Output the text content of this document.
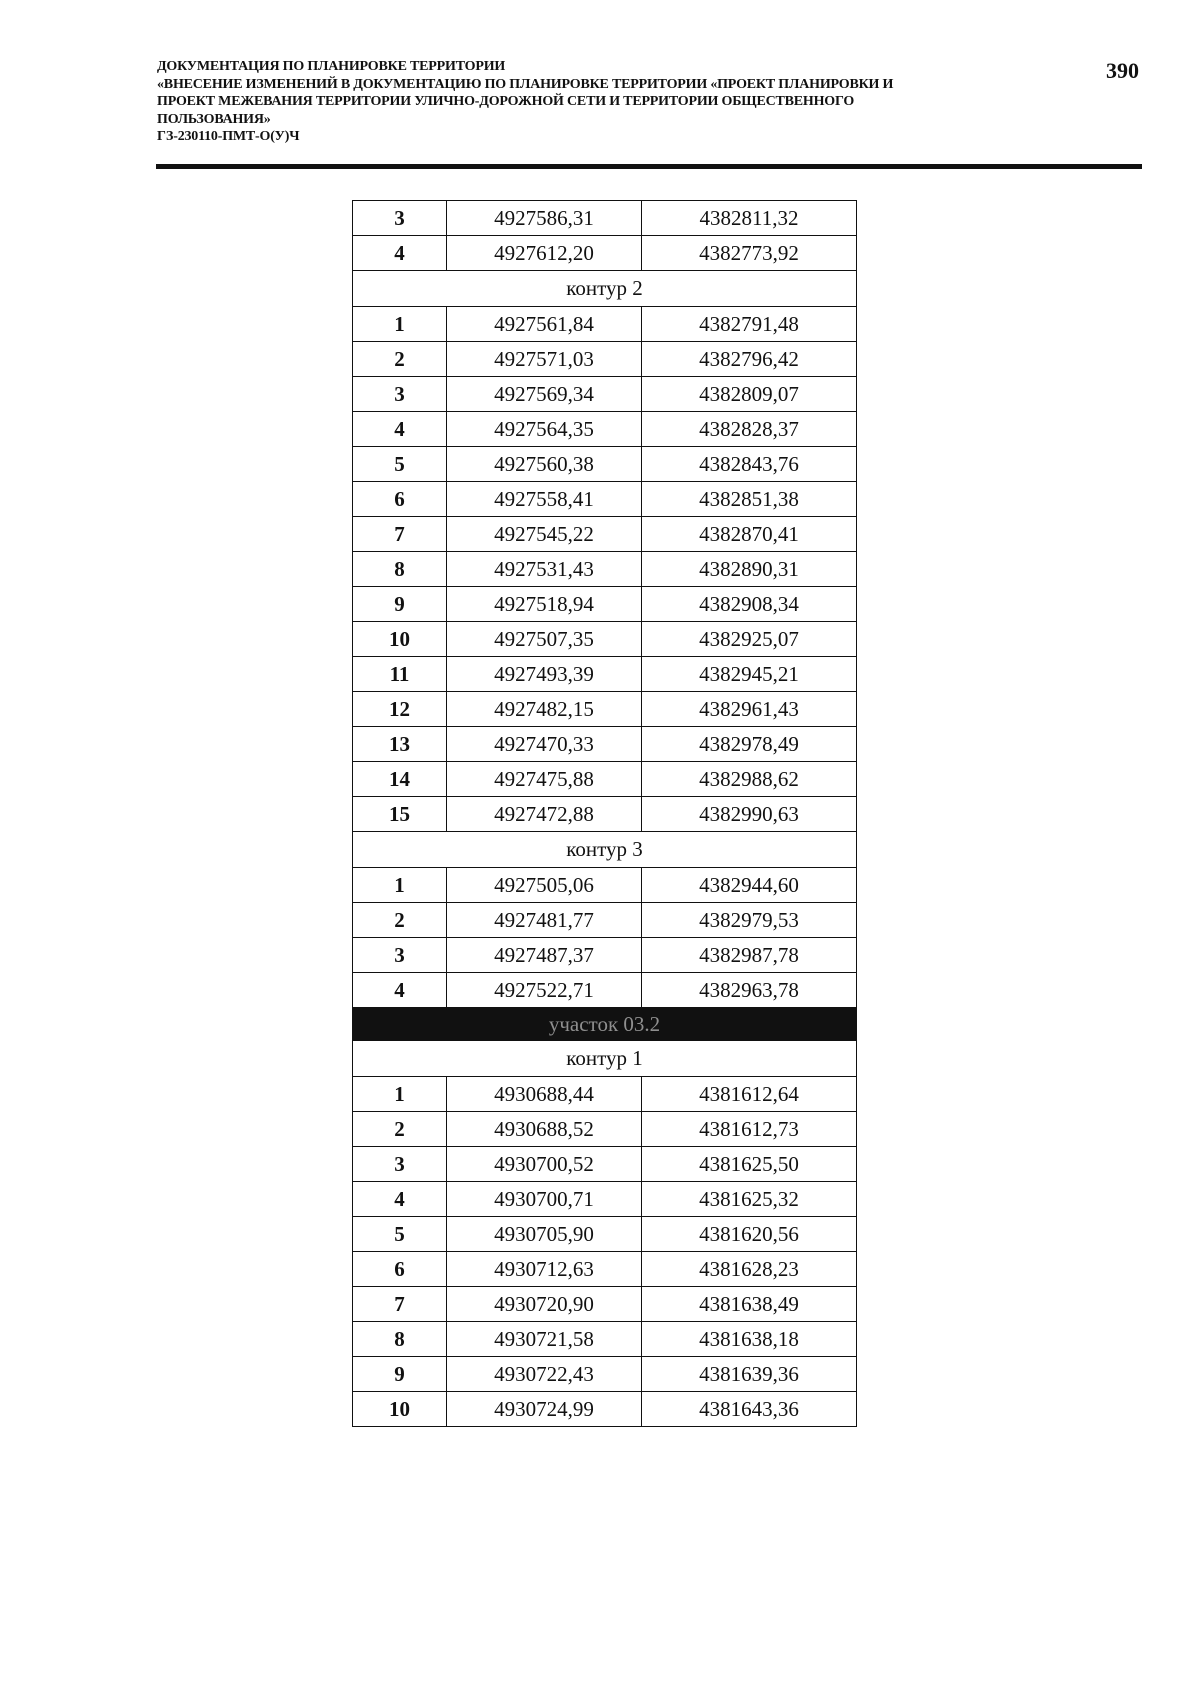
ДОКУМЕНТАЦИЯ ПО ПЛАНИРОВКЕ ТЕРРИТОРИИ
«ВНЕСЕНИЕ ИЗМЕНЕНИЙ В ДОКУМЕНТАЦИЮ ПО ПЛАНИРОВКЕ ТЕРРИТОРИИ «ПРОЕКТ ПЛАНИРОВКИ И
ПРОЕКТ МЕЖЕВАНИЯ ТЕРРИТОРИИ УЛИЧНО-ДОРОЖНОЙ СЕТИ И ТЕРРИТОРИИ ОБЩЕСТВЕННОГО
ПОЛЬЗОВАНИЯ»
ГЗ-230110-ПМТ-О(У)Ч
390
3	4927586,31	4382811,32
4	4927612,20	4382773,92
контур 2		
1	4927561,84	4382791,48
2	4927571,03	4382796,42
3	4927569,34	4382809,07
4	4927564,35	4382828,37
5	4927560,38	4382843,76
6	4927558,41	4382851,38
7	4927545,22	4382870,41
8	4927531,43	4382890,31
9	4927518,94	4382908,34
10	4927507,35	4382925,07
11	4927493,39	4382945,21
12	4927482,15	4382961,43
13	4927470,33	4382978,49
14	4927475,88	4382988,62
15	4927472,88	4382990,63
контур 3		
1	4927505,06	4382944,60
2	4927481,77	4382979,53
3	4927487,37	4382987,78
4	4927522,71	4382963,78
участок 03.2		
контур 1		
1	4930688,44	4381612,64
2	4930688,52	4381612,73
3	4930700,52	4381625,50
4	4930700,71	4381625,32
5	4930705,90	4381620,56
6	4930712,63	4381628,23
7	4930720,90	4381638,49
8	4930721,58	4381638,18
9	4930722,43	4381639,36
10	4930724,99	4381643,36
